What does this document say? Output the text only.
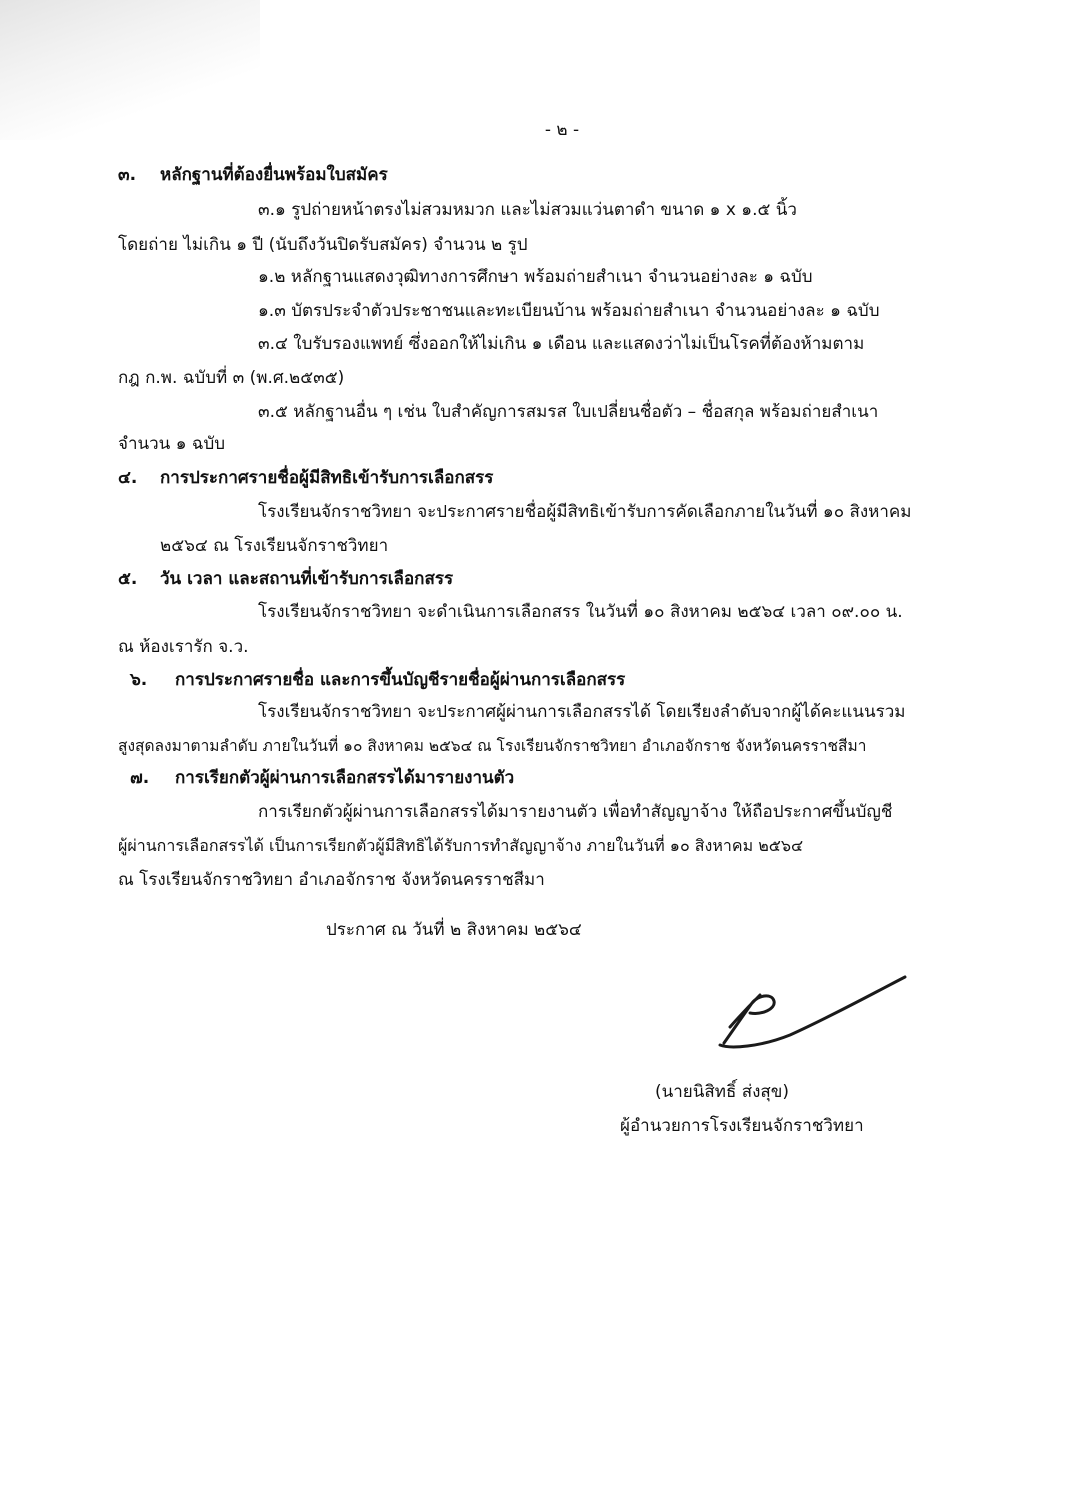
- ๒ -
๓. หลักฐานที่ต้องยื่นพร้อมใบสมัคร
๓.๑ รูปถ่ายหน้าตรงไม่สวมหมวก และไม่สวมแว่นตาดำ ขนาด ๑ x ๑.๕ นิ้ว
โดยถ่าย ไม่เกิน ๑ ปี (นับถึงวันปิดรับสมัคร) จำนวน ๒ รูป
๑.๒ หลักฐานแสดงวุฒิทางการศึกษา พร้อมถ่ายสำเนา จำนวนอย่างละ ๑ ฉบับ
๑.๓ บัตรประจำตัวประชาชนและทะเบียนบ้าน พร้อมถ่ายสำเนา จำนวนอย่างละ ๑ ฉบับ
๓.๔ ใบรับรองแพทย์ ซึ่งออกให้ไม่เกิน ๑ เดือน และแสดงว่าไม่เป็นโรคที่ต้องห้ามตาม
กฎ ก.พ. ฉบับที่ ๓ (พ.ศ.๒๕๓๕)
๓.๕ หลักฐานอื่น ๆ เช่น ใบสำคัญการสมรส ใบเปลี่ยนชื่อตัว – ชื่อสกุล พร้อมถ่ายสำเนา
จำนวน ๑ ฉบับ
๔. การประกาศรายชื่อผู้มีสิทธิเข้ารับการเลือกสรร
โรงเรียนจักราชวิทยา จะประกาศรายชื่อผู้มีสิทธิเข้ารับการคัดเลือกภายในวันที่ ๑๐ สิงหาคม
๒๕๖๔ ณ โรงเรียนจักราชวิทยา
๕. วัน เวลา และสถานที่เข้ารับการเลือกสรร
โรงเรียนจักราชวิทยา จะดำเนินการเลือกสรร ในวันที่ ๑๐ สิงหาคม ๒๕๖๔ เวลา ๐๙.๐๐ น.
ณ ห้องเรารัก จ.ว.
๖. การประกาศรายชื่อ และการขึ้นบัญชีรายชื่อผู้ผ่านการเลือกสรร
โรงเรียนจักราชวิทยา จะประกาศผู้ผ่านการเลือกสรรได้ โดยเรียงลำดับจากผู้ได้คะแนนรวม
สูงสุดลงมาตามลำดับ ภายในวันที่ ๑๐ สิงหาคม ๒๕๖๔ ณ โรงเรียนจักราชวิทยา อำเภอจักราช จังหวัดนครราชสีมา
๗. การเรียกตัวผู้ผ่านการเลือกสรรได้มารายงานตัว
การเรียกตัวผู้ผ่านการเลือกสรรได้มารายงานตัว เพื่อทำสัญญาจ้าง ให้ถือประกาศขึ้นบัญชี
ผู้ผ่านการเลือกสรรได้ เป็นการเรียกตัวผู้มีสิทธิได้รับการทำสัญญาจ้าง ภายในวันที่ ๑๐ สิงหาคม ๒๕๖๔
ณ โรงเรียนจักราชวิทยา อำเภอจักราช จังหวัดนครราชสีมา
ประกาศ ณ วันที่ ๒ สิงหาคม ๒๕๖๔
(นายนิสิทธิ์ ส่งสุข)
ผู้อำนวยการโรงเรียนจักราชวิทยา
